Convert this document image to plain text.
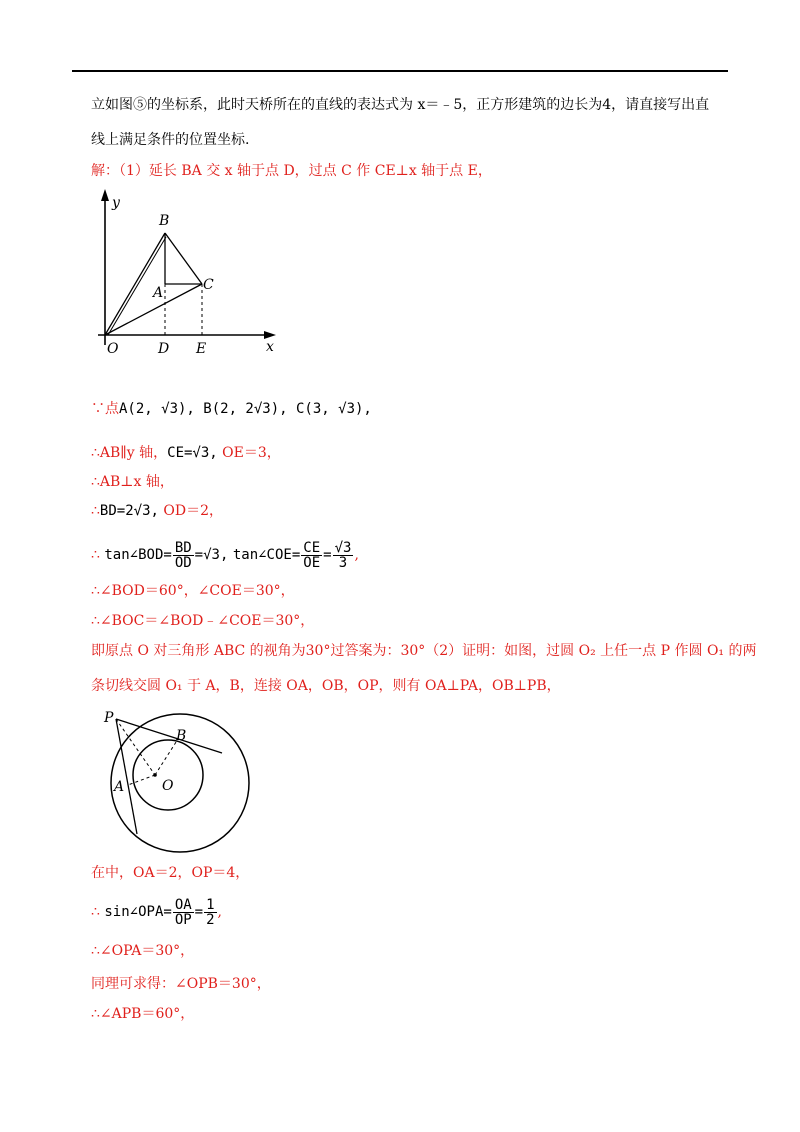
立如图⑤的坐标系，此时天桥所在的直线的表达式为 x＝﹣5，正方形建筑的边长为4，请直接写出直
线上满足条件的位置坐标.
解：（1）延长 BA 交 x 轴于点 D，过点 C 作 CE⊥x 轴于点 E，
y
x
O
B
A	C
D E
∵点A(2, √3), B(2, 2√3), C(3, √3),
∴AB∥y 轴，CE=√3, OE＝3，
∴AB⊥x 轴，
∴BD=2√3, OD＝2，
∴ tan∠BOD= $\frac{BD}{OD} =√3$, tan∠COE= $\frac{CE}{OE} = \frac{√3}{3}$ ,
∴∠BOD＝60°，∠COE＝30°，
∴∠BOC＝∠BOD﹣∠COE＝30°，
即原点 O 对三角形 ABC 的视角为30°过答案为：30°（2）证明：如图，过圆 O₂ 上任一点 P 作圆 O₁ 的两
条切线交圆 O₁ 于 A，B，连接 OA，OB，OP，则有 OA⊥PA，OB⊥PB，
P
B
A	O
在中，OA＝2，OP＝4，
∴ sin∠OPA= $\frac{OA}{OP} = \frac{1}{2}$ ,
∴∠OPA＝30°，
同理可求得：∠OPB＝30°，
∴∠APB＝60°，
